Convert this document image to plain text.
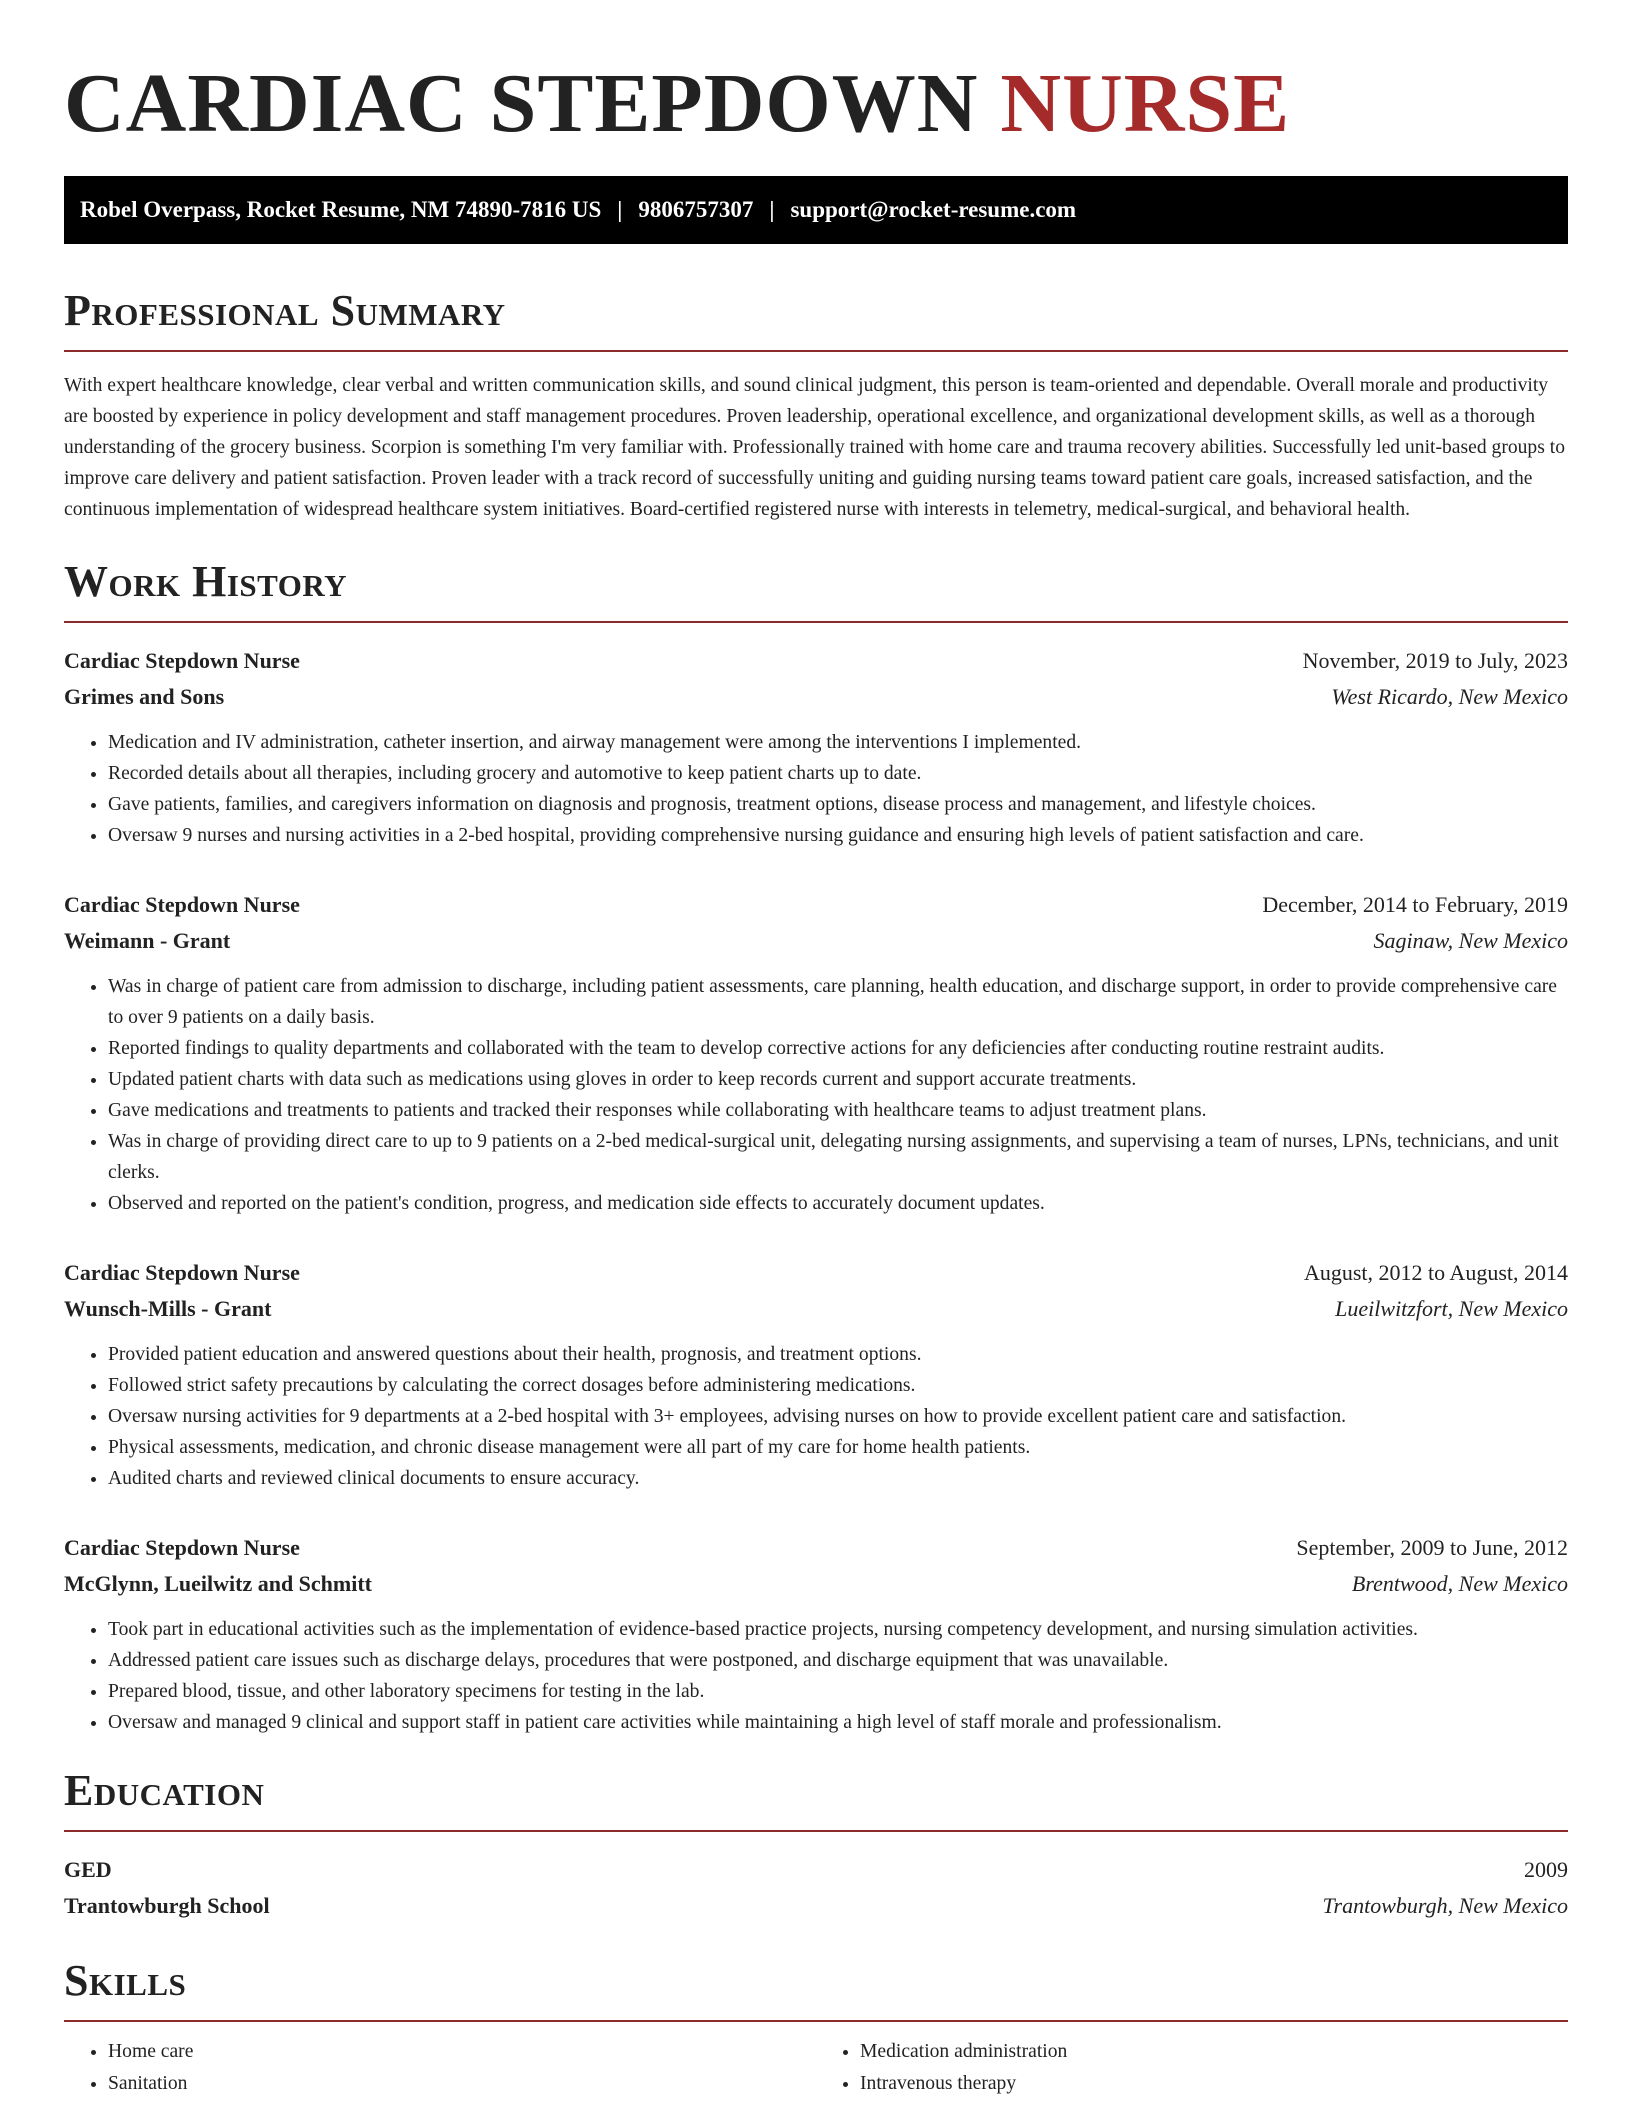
CARDIAC STEPDOWN NURSE
Robel Overpass, Rocket Resume, NM 74890-7816 US | 9806757307 | support@rocket-resume.com
Professional Summary

With expert healthcare knowledge, clear verbal and written communication skills, and sound clinical judgment, this person is team-oriented and dependable. Overall morale and productivity are boosted by experience in policy development and staff management procedures. Proven leadership, operational excellence, and organizational development skills, as well as a thorough understanding of the grocery business. Scorpion is something I'm very familiar with. Professionally trained with home care and trauma recovery abilities. Successfully led unit-based groups to improve care delivery and patient satisfaction. Proven leader with a track record of successfully uniting and guiding nursing teams toward patient care goals, increased satisfaction, and the continuous implementation of widespread healthcare system initiatives. Board-certified registered nurse with interests in telemetry, medical-surgical, and behavioral health.

Work History
Cardiac Stepdown Nurse	November, 2019 to July, 2023
Grimes and Sons	West Ricardo, New Mexico
• Medication and IV administration, catheter insertion, and airway management were among the interventions I implemented.
• Recorded details about all therapies, including grocery and automotive to keep patient charts up to date.
• Gave patients, families, and caregivers information on diagnosis and prognosis, treatment options, disease process and management, and lifestyle choices.
• Oversaw 9 nurses and nursing activities in a 2-bed hospital, providing comprehensive nursing guidance and ensuring high levels of patient satisfaction and care.
Cardiac Stepdown Nurse	December, 2014 to February, 2019
Weimann - Grant	Saginaw, New Mexico
• Was in charge of patient care from admission to discharge, including patient assessments, care planning, health education, and discharge support, in order to provide comprehensive care to over 9 patients on a daily basis.
• Reported findings to quality departments and collaborated with the team to develop corrective actions for any deficiencies after conducting routine restraint audits.
• Updated patient charts with data such as medications using gloves in order to keep records current and support accurate treatments.
• Gave medications and treatments to patients and tracked their responses while collaborating with healthcare teams to adjust treatment plans.
• Was in charge of providing direct care to up to 9 patients on a 2-bed medical-surgical unit, delegating nursing assignments, and supervising a team of nurses, LPNs, technicians, and unit clerks.
• Observed and reported on the patient's condition, progress, and medication side effects to accurately document updates.
Cardiac Stepdown Nurse	August, 2012 to August, 2014
Wunsch-Mills - Grant	Lueilwitzfort, New Mexico
• Provided patient education and answered questions about their health, prognosis, and treatment options.
• Followed strict safety precautions by calculating the correct dosages before administering medications.
• Oversaw nursing activities for 9 departments at a 2-bed hospital with 3+ employees, advising nurses on how to provide excellent patient care and satisfaction.
• Physical assessments, medication, and chronic disease management were all part of my care for home health patients.
• Audited charts and reviewed clinical documents to ensure accuracy.
Cardiac Stepdown Nurse	September, 2009 to June, 2012
McGlynn, Lueilwitz and Schmitt	Brentwood, New Mexico
• Took part in educational activities such as the implementation of evidence-based practice projects, nursing competency development, and nursing simulation activities.
• Addressed patient care issues such as discharge delays, procedures that were postponed, and discharge equipment that was unavailable.
• Prepared blood, tissue, and other laboratory specimens for testing in the lab.
• Oversaw and managed 9 clinical and support staff in patient care activities while maintaining a high level of staff morale and professionalism.
Education
GED	2009
Trantowburgh School	Trantowburgh, New Mexico
Skills
• Home care
• Sanitation
• Medication administration
• Intravenous therapy
